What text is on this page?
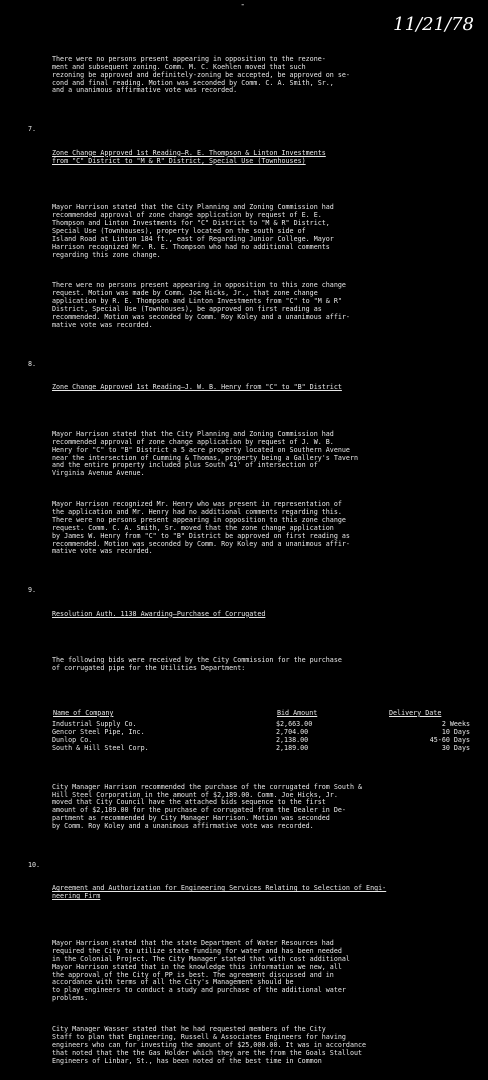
-
11/21/78

There were no persons present appearing in opposition to the rezone-
ment and subsequent zoning. Comm. M. C. Koehlen moved that such
rezoning be approved and definitely-zoning be accepted, be approved on se-
cond and final reading. Motion was seconded by Comm. C. A. Smith, Sr.,
and a unanimous affirmative vote was recorded.

7.

Zone Change Approved 1st Reading—R. E. Thompson & Linton Investments
from "C" District to "M & R" District, Special Use (Townhouses)

Mayor Harrison stated that the City Planning and Zoning Commission had
recommended approval of zone change application by request of E. E.
Thompson and Linton Investments for "C" District to "M & R" District,
Special Use (Townhouses), property located on the south side of
Island Road at Linton 184 ft., east of Regarding Junior College. Mayor
Harrison recognized Mr. R. E. Thompson who had no additional comments
regarding this zone change.

There were no persons present appearing in opposition to this zone change
request. Motion was made by Comm. Joe Hicks, Jr., that zone change
application by R. E. Thompson and Linton Investments from "C" to "M & R"
District, Special Use (Townhouses), be approved on first reading as
recommended. Motion was seconded by Comm. Roy Koley and a unanimous affir-
mative vote was recorded.

8.

Zone Change Approved 1st Reading—J. W. B. Henry from "C" to "B" District

Mayor Harrison stated that the City Planning and Zoning Commission had
recommended approval of zone change application by request of J. W. B.
Henry for "C" to "B" District a 5 acre property located on Southern Avenue
near the intersection of Cumming & Thomas, property being a Gallery's Tavern
and the entire property included plus South 41' of intersection of
Virginia Avenue Avenue.

Mayor Harrison recognized Mr. Henry who was present in representation of
the application and Mr. Henry had no additional comments regarding this.
There were no persons present appearing in opposition to this zone change
request. Comm. C. A. Smith, Sr. moved that the zone change application
by James W. Henry from "C" to "B" District be approved on first reading as
recommended. Motion was seconded by Comm. Roy Koley and a unanimous affir-
mative vote was recorded.

9.

Resolution Auth. 1138 Awarding—Purchase of Corrugated

The following bids were received by the City Commission for the purchase
of corrugated pipe for the Utilities Department:

Name of Company	Bid Amount	Delivery Date
Industrial Supply Co.	$2,663.00	2 Weeks
Gencor Steel Pipe, Inc.	2,704.00	10 Days
Dunlop Co.	2,138.00	45-60 Days
South & Hill Steel Corp.	2,189.00	30 Days

City Manager Harrison recommended the purchase of the corrugated from South &
Hill Steel Corporation in the amount of $2,189.00. Comm. Joe Hicks, Jr.
moved that City Council have the attached bids sequence to the first
amount of $2,189.00 for the purchase of corrugated from the Dealer in De-
partment as recommended by City Manager Harrison. Motion was seconded
by Comm. Roy Koley and a unanimous affirmative vote was recorded.

10.

Agreement and Authorization for Engineering Services Relating to Selection of Engi-
neering Firm

Mayor Harrison stated that the state Department of Water Resources had
required the City to utilize state funding for water and has been needed
in the Colonial Project. The City Manager stated that with cost additional
Mayor Harrison stated that in the knowledge this information we new, all
the approval of the City of PP is best. The agreement discussed and in
accordance with terms of all the City's Management should be
to play engineers to conduct a study and purchase of the additional water
problems.

City Manager Wasser stated that he had requested members of the City
Staff to plan that Engineering, Russell & Associates Engineers for having
engineers who can for investing the amount of $25,000.00. It was in accordance
that noted that the the Gas Holder which they are the from the Goals Stallout
Engineers of Linbar, St., has been noted of the best time in Common
